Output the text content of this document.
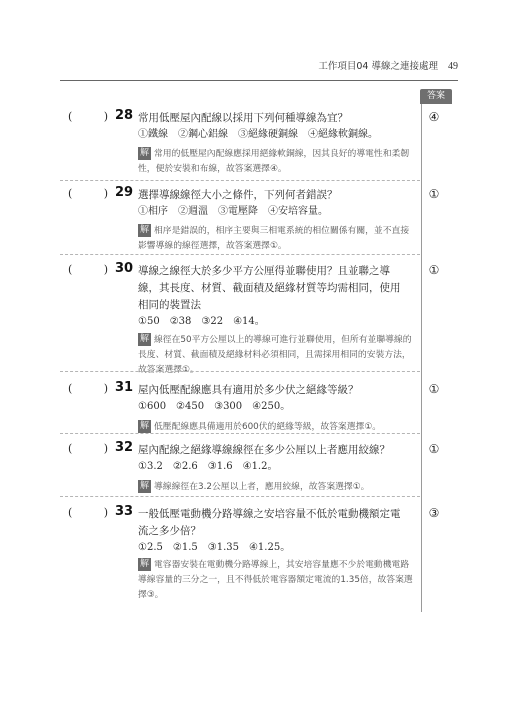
工作項目04 導線之連接處理 49
答案
(	) 28 常用低壓屋內配線以採用下列何種導線為宜？
①鐵線　②鋼心鋁線　③絕緣硬銅線　④絕緣軟銅線。
解 常用的低壓屋內配線應採用絕緣軟銅線，因其良好的導電性和柔韌性，便於安裝和布線，故答案選擇④。
④
(	) 29 選擇導線線徑大小之條件，下列何者錯誤？
①相序　②週溫　③電壓降　④安培容量。
解 相序是錯誤的，相序主要與三相電系統的相位關係有關，並不直接影響導線的線徑選擇，故答案選擇①。
①
(	) 30 導線之線徑大於多少平方公厘得並聯使用？且並聯之導線，其長度、材質、截面積及絕緣材質等均需相同，使用相同的裝置法
①50　②38　③22　④14。
解 線徑在50平方公厘以上的導線可進行並聯使用，但所有並聯導線的長度、材質、截面積及絕緣材料必須相同，且需採用相同的安裝方法，故答案選擇①。
①
(	) 31 屋內低壓配線應具有適用於多少伏之絕緣等級？
①600　②450　③300　④250。
解 低壓配線應具備適用於600伏的絕緣等級，故答案選擇①。
①
(	) 32 屋內配線之絕緣導線線徑在多少公厘以上者應用絞線？
①3.2　②2.6　③1.6　④1.2。
解 導線線徑在3.2公厘以上者，應用絞線，故答案選擇①。
①
(	) 33 一般低壓電動機分路導線之安培容量不低於電動機額定電流之多少倍？
①2.5　②1.5　③1.35　④1.25。
解 電容器安裝在電動機分路導線上，其安培容量應不少於電動機電路導線容量的三分之一，且不得低於電容器額定電流的1.35倍，故答案選擇③。
③
